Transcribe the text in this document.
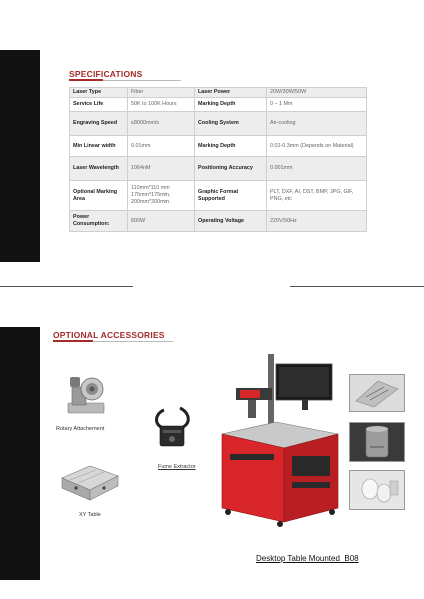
SPECIFICATIONS
Laser Type	Fiber	Laser Power	20W/30W/50W
Service Life	50K to 100K Hours	Marking Depth	0 – 1 Mm
Engraving Speed	≤8000mm/s	Cooling System	Air-cooling
Min Linear width	0.01mm	Marking Depth	0.01-0.3mm (Depends on Material)
Laser Wavelength	1064nM	Positioning Accuracy	0.001mm
Optional Marking Area	110mm*110 mm 175mm*175mm, 200mm*200mm	Graphic Format Supported	PLT, DXF, AI, DST, BMP, JPG, GIF, PNG, etc
Power Consumption:	600W	Operating Voltage	220V/50Hz
OPTIONAL ACCESSORIES
Rotary Attachement
Fume Extractor
XY Table
Desktop Table Mounted_B08
